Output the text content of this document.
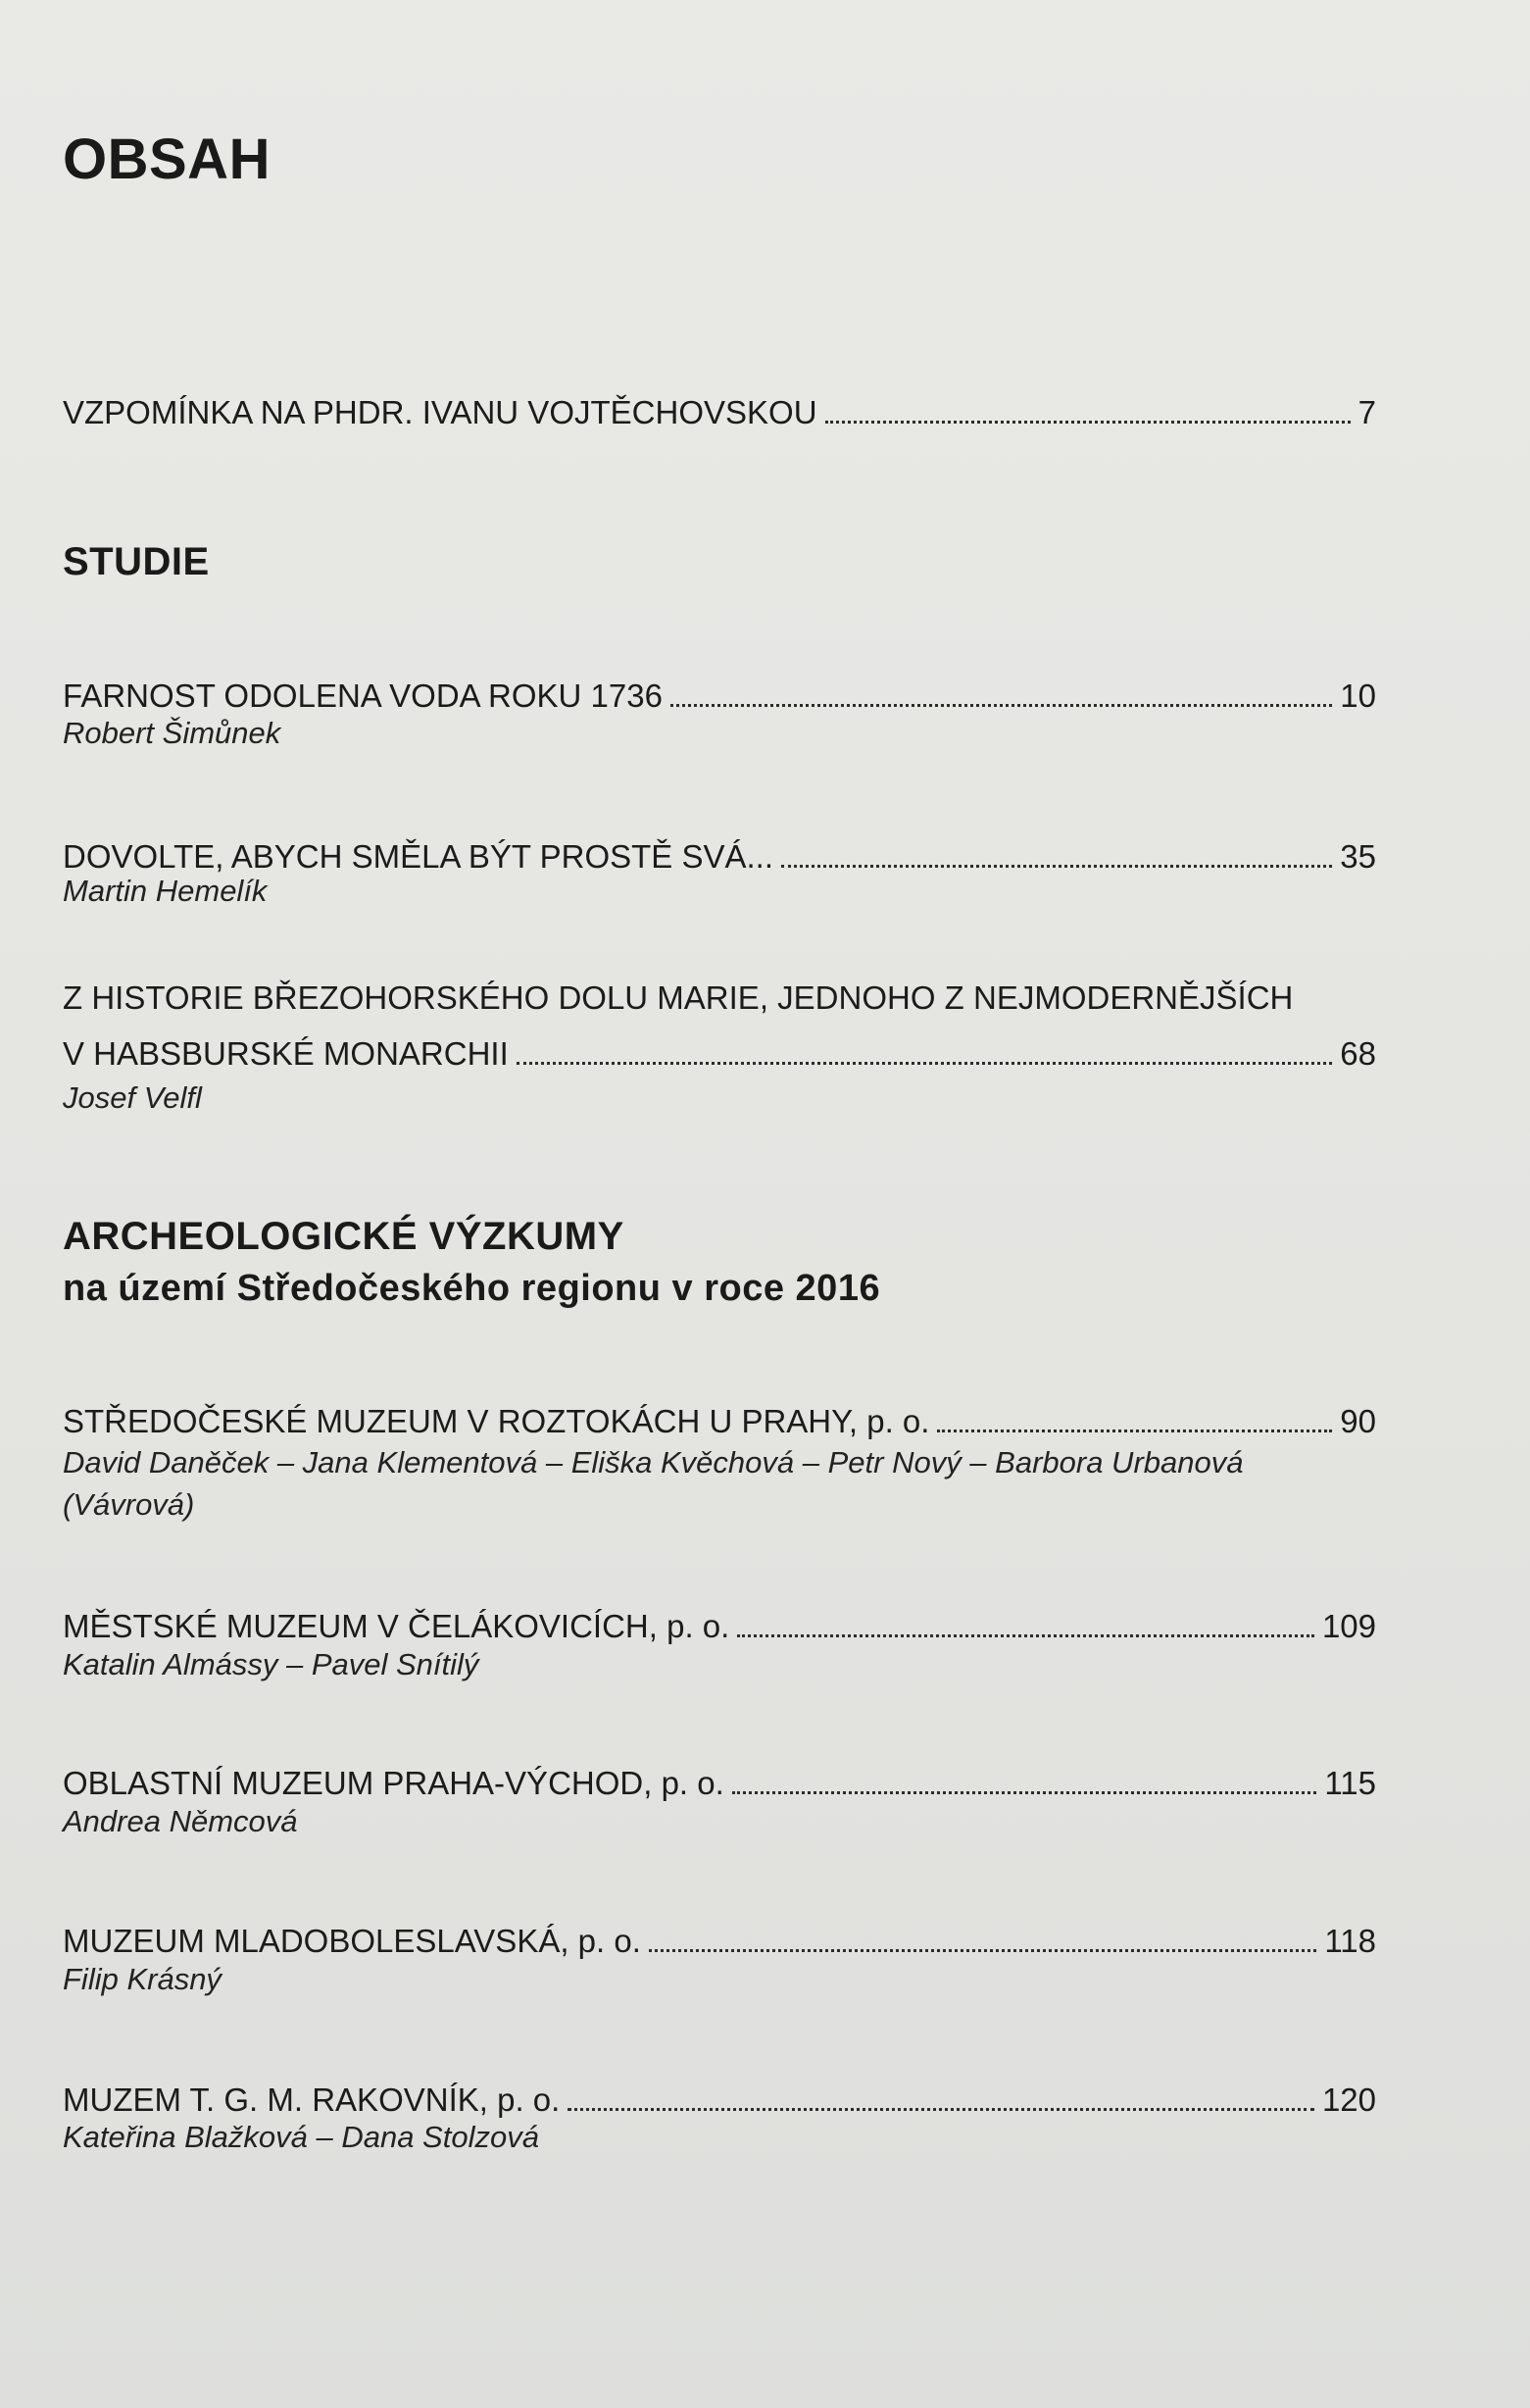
OBSAH
VZPOMÍNKA NA PHDR. IVANU VOJTĚCHOVSKOU	7
STUDIE
FARNOST ODOLENA VODA ROKU 1736	10
Robert Šimůnek
DOVOLTE, ABYCH SMĚLA BÝT PROSTĚ SVÁ...	35
Martin Hemelík
Z HISTORIE BŘEZOHORSKÉHO DOLU MARIE, JEDNOHO Z NEJMODERNĚJŠÍCH
V HABSBURSKÉ MONARCHII	68
Josef Velfl
ARCHEOLOGICKÉ VÝZKUMY
na území Středočeského regionu v roce 2016
STŘEDOČESKÉ MUZEUM V ROZTOKÁCH U PRAHY, p. o.	90
David Daněček – Jana Klementová – Eliška Kvěchová – Petr Nový – Barbora Urbanová
(Vávrová)
MĚSTSKÉ MUZEUM V ČELÁKOVICÍCH, p. o.	109
Katalin Almássy – Pavel Snítilý
OBLASTNÍ MUZEUM PRAHA-VÝCHOD, p. o.	115
Andrea Němcová
MUZEUM MLADOBOLESLAVSKÁ, p. o.	118
Filip Krásný
MUZEM T. G. M. RAKOVNÍK, p. o.	120
Kateřina Blažková – Dana Stolzová
